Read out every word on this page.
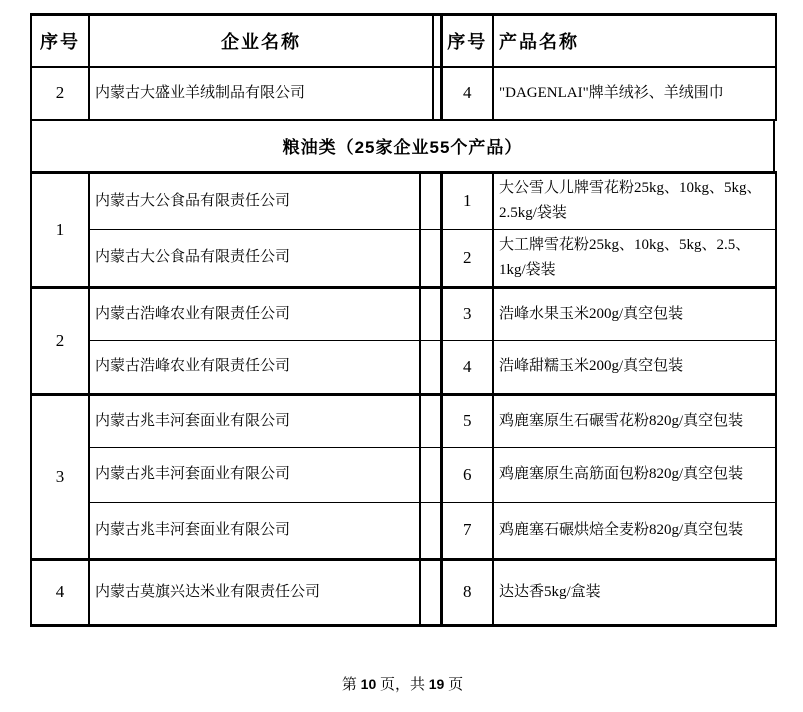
序号	企业名称		序号	产品名称
2	内蒙古大盛业羊绒制品有限公司		4	"DAGENLAI"牌羊绒衫、羊绒围巾
粮油类（25家企业55个产品）
1	内蒙古大公食品有限责任公司		1	大公雪人儿牌雪花粉25kg、10kg、5kg、2.5kg/袋装
	内蒙古大公食品有限责任公司		2	大工牌雪花粉25kg、10kg、5kg、2.5、1kg/袋装
2	内蒙古浩峰农业有限责任公司		3	浩峰水果玉米200g/真空包装
	内蒙古浩峰农业有限责任公司		4	浩峰甜糯玉米200g/真空包装
3	内蒙古兆丰河套面业有限公司		5	鸡鹿塞原生石碾雪花粉820g/真空包装
	内蒙古兆丰河套面业有限公司		6	鸡鹿塞原生高筋面包粉820g/真空包装
	内蒙古兆丰河套面业有限公司		7	鸡鹿塞石碾烘焙全麦粉820g/真空包装
4	内蒙古莫旗兴达米业有限责任公司		8	达达香5kg/盒装
第 10 页，共 19 页
